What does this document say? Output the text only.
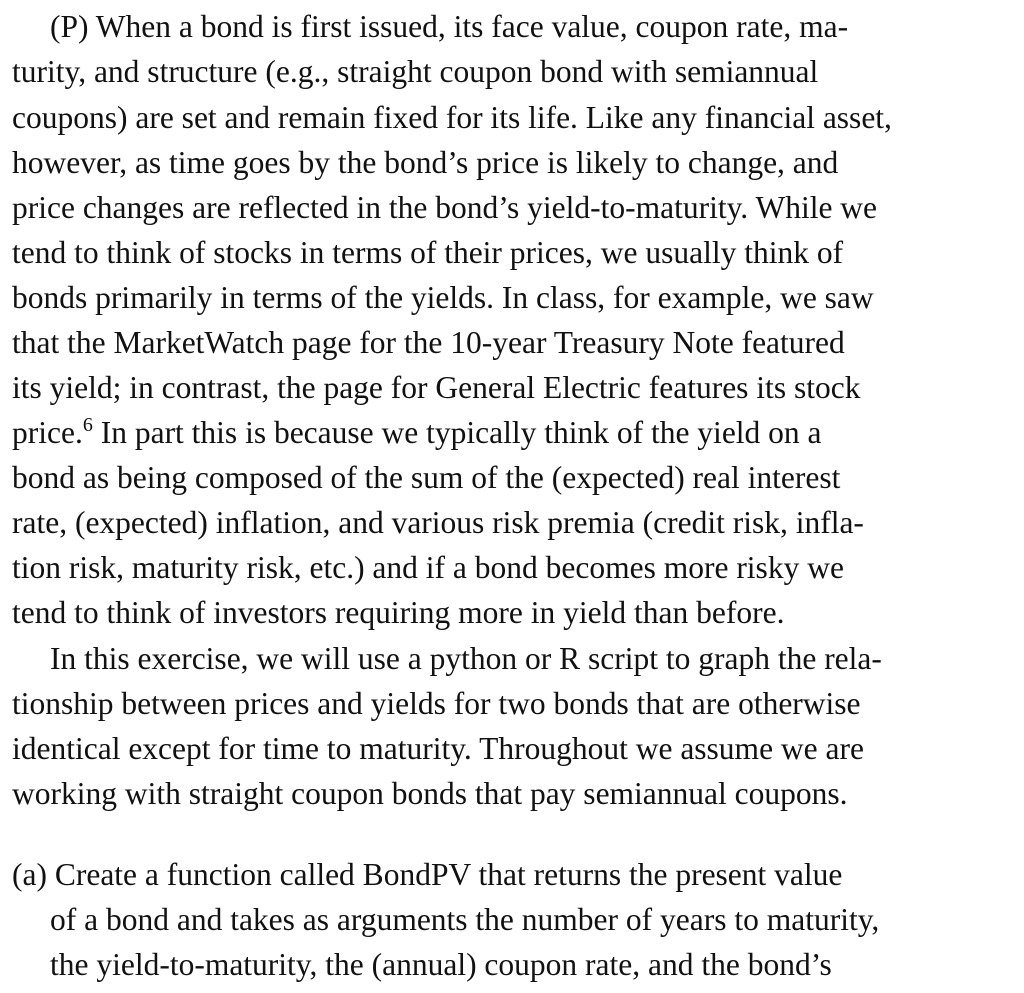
(P) When a bond is first issued, its face value, coupon rate, ma-
turity, and structure (e.g., straight coupon bond with semiannual
coupons) are set and remain fixed for its life. Like any financial asset,
however, as time goes by the bond’s price is likely to change, and
price changes are reflected in the bond’s yield-to-maturity. While we
tend to think of stocks in terms of their prices, we usually think of
bonds primarily in terms of the yields. In class, for example, we saw
that the MarketWatch page for the 10-year Treasury Note featured
its yield; in contrast, the page for General Electric features its stock
price.$^6$ In part this is because we typically think of the yield on a
bond as being composed of the sum of the (expected) real interest
rate, (expected) inflation, and various risk premia (credit risk, infla-
tion risk, maturity risk, etc.) and if a bond becomes more risky we
tend to think of investors requiring more in yield than before.
In this exercise, we will use a python or R script to graph the rela-
tionship between prices and yields for two bonds that are otherwise
identical except for time to maturity. Throughout we assume we are
working with straight coupon bonds that pay semiannual coupons.
(a) Create a function called BondPV that returns the present value
of a bond and takes as arguments the number of years to maturity,
the yield-to-maturity, the (annual) coupon rate, and the bond’s
